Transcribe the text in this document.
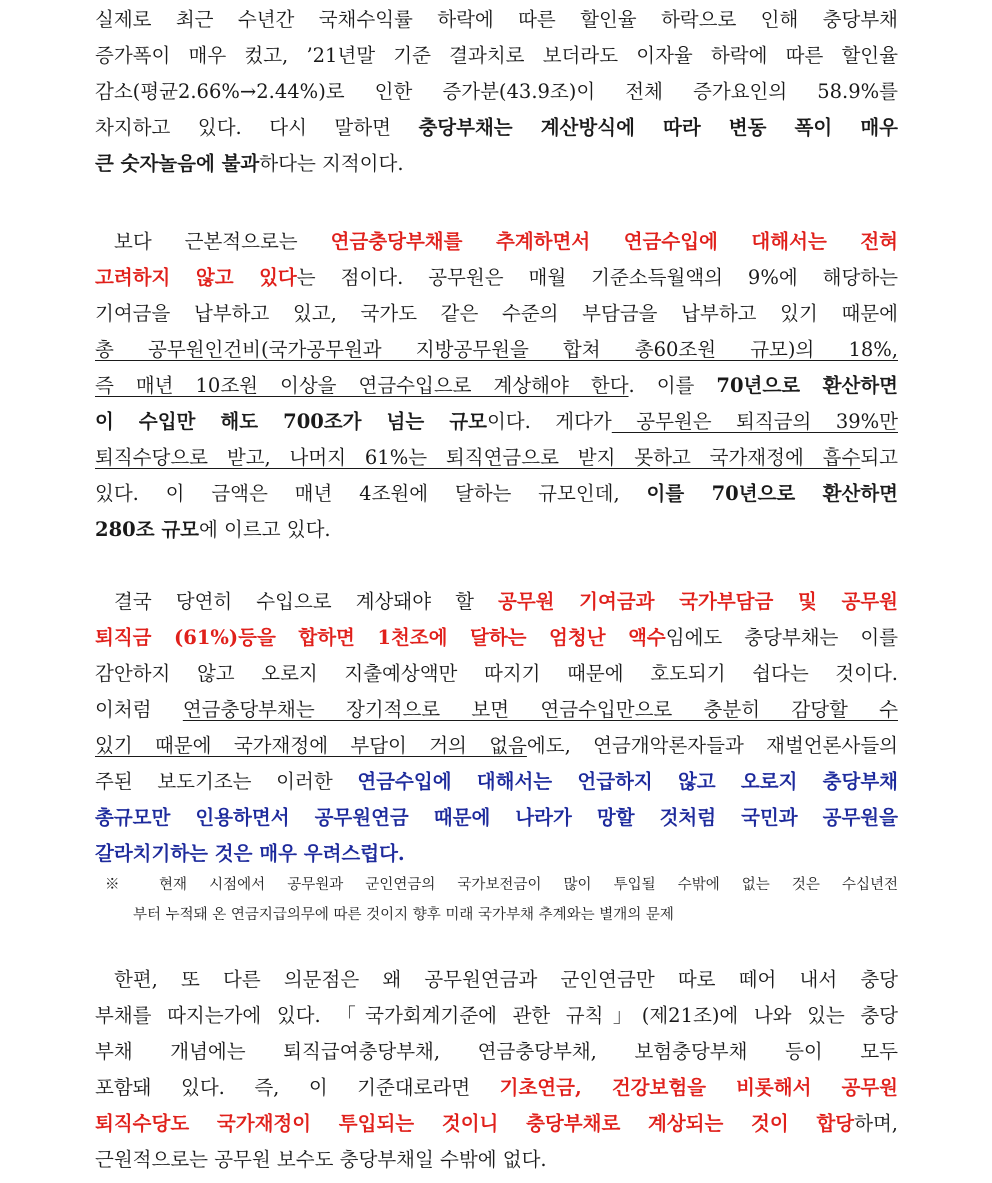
실제로 최근 수년간 국채수익률 하락에 따른 할인율 하락으로 인해 충당부채
증가폭이 매우 컸고, ’21년말 기준 결과치로 보더라도 이자율 하락에 따른 할인율
감소(평균2.66%→2.44%)로 인한 증가분(43.9조)이 전체 증가요인의 58.9%를
차지하고 있다. 다시 말하면 충당부채는 계산방식에 따라 변동 폭이 매우
큰 숫자놀음에 불과하다는 지적이다.
보다 근본적으로는 연금충당부채를 추계하면서 연금수입에 대해서는 전혀
고려하지 않고 있다는 점이다. 공무원은 매월 기준소득월액의 9%에 해당하는
기여금을 납부하고 있고, 국가도 같은 수준의 부담금을 납부하고 있기 때문에
총 공무원인건비(국가공무원과 지방공무원을 합쳐 총60조원 규모)의 18%,
즉 매년 10조원 이상을 연금수입으로 계상해야 한다. 이를 70년으로 환산하면
이 수입만 해도 700조가 넘는 규모이다. 게다가 공무원은 퇴직금의 39%만
퇴직수당으로 받고, 나머지 61%는 퇴직연금으로 받지 못하고 국가재정에 흡수되고
있다. 이 금액은 매년 4조원에 달하는 규모인데, 이를 70년으로 환산하면
280조 규모에 이르고 있다.
결국 당연히 수입으로 계상돼야 할 공무원 기여금과 국가부담금 및 공무원
퇴직금 (61%)등을 합하면 1천조에 달하는 엄청난 액수임에도 충당부채는 이를
감안하지 않고 오로지 지출예상액만 따지기 때문에 호도되기 쉽다는 것이다.
이처럼 연금충당부채는 장기적으로 보면 연금수입만으로 충분히 감당할 수
있기 때문에 국가재정에 부담이 거의 없음에도, 연금개악론자들과 재벌언론사들의
주된 보도기조는 이러한 연금수입에 대해서는 언급하지 않고 오로지 충당부채
총규모만 인용하면서 공무원연금 때문에 나라가 망할 것처럼 국민과 공무원을
갈라치기하는 것은 매우 우려스럽다.
※ 현재 시점에서 공무원과 군인연금의 국가보전금이 많이 투입될 수밖에 없는 것은 수십년전
부터 누적돼 온 연금지급의무에 따른 것이지 향후 미래 국가부채 추계와는 별개의 문제
한편, 또 다른 의문점은 왜 공무원연금과 군인연금만 따로 떼어 내서 충당
부채를 따지는가에 있다. 「국가회계기준에 관한 규칙」(제21조)에 나와 있는 충당
부채 개념에는 퇴직급여충당부채, 연금충당부채, 보험충당부채 등이 모두
포함돼 있다. 즉, 이 기준대로라면 기초연금, 건강보험을 비롯해서 공무원
퇴직수당도 국가재정이 투입되는 것이니 충당부채로 계상되는 것이 합당하며,
근원적으로는 공무원 보수도 충당부채일 수밖에 없다.
